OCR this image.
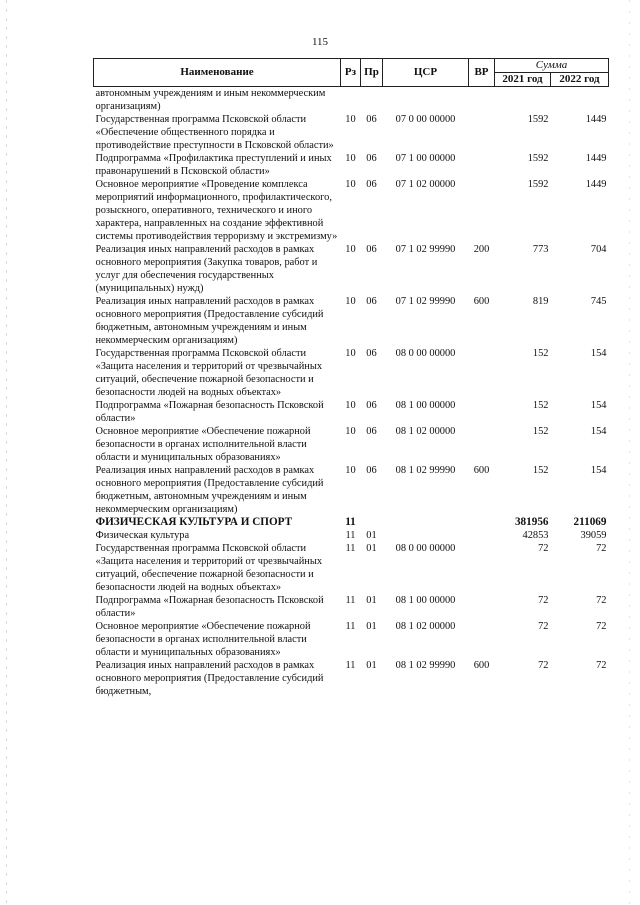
115
Наименование	Рз	Пр	ЦСР	ВР	Сумма	
					2021 год	2022 год
автономным учреждениям и иным некоммерческим организациям)						
Государственная программа Псковской области «Обеспечение общественного порядка и противодействие преступности в Псковской области»	10	06	07 0 00 00000		1592	1449
Подпрограмма «Профилактика преступлений и иных правонарушений в Псковской области»	10	06	07 1 00 00000		1592	1449
Основное мероприятие «Проведение комплекса мероприятий информационного, профилактического, розыскного, оперативного, технического и иного характера, направленных на создание эффективной системы противодействия терроризму и экстремизму»	10	06	07 1 02 00000		1592	1449
Реализация иных направлений расходов в рамках основного мероприятия (Закупка товаров, работ и услуг для обеспечения государственных (муниципальных) нужд)	10	06	07 1 02 99990	200	773	704
Реализация иных направлений расходов в рамках основного мероприятия (Предоставление субсидий бюджетным, автономным учреждениям и иным некоммерческим организациям)	10	06	07 1 02 99990	600	819	745
Государственная программа Псковской области «Защита населения и территорий от чрезвычайных ситуаций, обеспечение пожарной безопасности и безопасности людей на водных объектах»	10	06	08 0 00 00000		152	154
Подпрограмма «Пожарная безопасность Псковской области»	10	06	08 1 00 00000		152	154
Основное мероприятие «Обеспечение пожарной безопасности в органах исполнительной власти области и муниципальных образованиях»	10	06	08 1 02 00000		152	154
Реализация иных направлений расходов в рамках основного мероприятия (Предоставление субсидий бюджетным, автономным учреждениям и иным некоммерческим организациям)	10	06	08 1 02 99990	600	152	154
ФИЗИЧЕСКАЯ КУЛЬТУРА И СПОРТ	11				381956	211069
Физическая культура	11	01			42853	39059
Государственная программа Псковской области «Защита населения и территорий от чрезвычайных ситуаций, обеспечение пожарной безопасности и безопасности людей на водных объектах»	11	01	08 0 00 00000		72	72
Подпрограмма «Пожарная безопасность Псковской области»	11	01	08 1 00 00000		72	72
Основное мероприятие «Обеспечение пожарной безопасности в органах исполнительной власти области и муниципальных образованиях»	11	01	08 1 02 00000		72	72
Реализация иных направлений расходов в рамках основного мероприятия (Предоставление субсидий бюджетным,	11	01	08 1 02 99990	600	72	72
